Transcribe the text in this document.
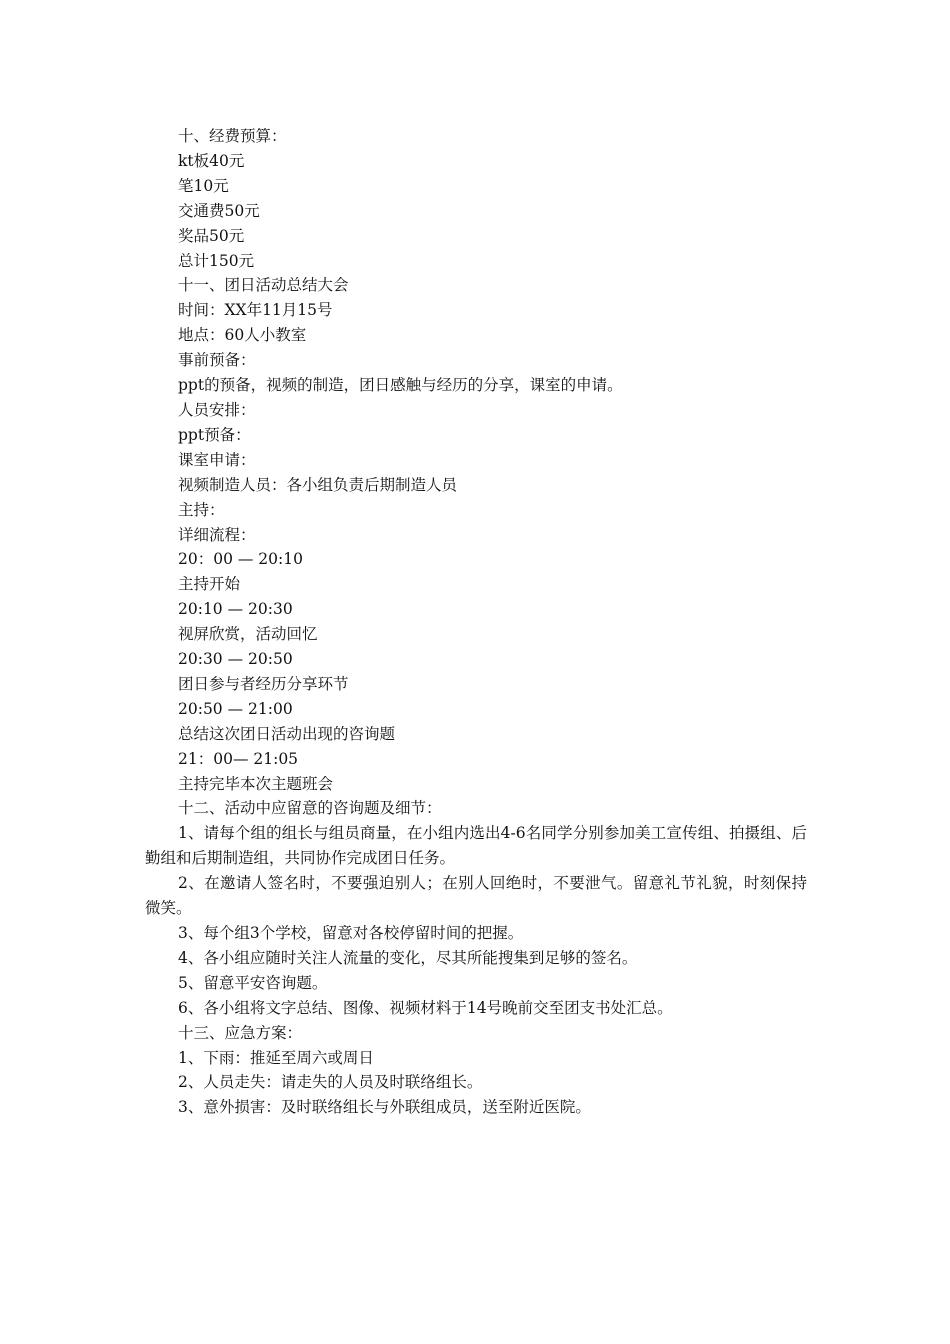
十、经费预算：
kt板40元
笔10元
交通费50元
奖品50元
总计150元
十一、团日活动总结大会
时间：XX年11月15号
地点：60人小教室
事前预备：
ppt的预备，视频的制造，团日感触与经历的分享，课室的申请。
人员安排：
ppt预备：
课室申请：
视频制造人员：各小组负责后期制造人员
主持：
详细流程：
20：00 — 20:10
主持开始
20:10 — 20:30
视屏欣赏，活动回忆
20:30 — 20:50
团日参与者经历分享环节
20:50 — 21:00
总结这次团日活动出现的咨询题
21：00— 21:05
主持完毕本次主题班会
十二、活动中应留意的咨询题及细节：
1、请每个组的组长与组员商量，在小组内选出4-6名同学分别参加美工宣传组、拍摄组、后勤组和后期制造组，共同协作完成团日任务。
2、在邀请人签名时，不要强迫别人；在别人回绝时，不要泄气。留意礼节礼貌，时刻保持微笑。
3、每个组3个学校，留意对各校停留时间的把握。
4、各小组应随时关注人流量的变化，尽其所能搜集到足够的签名。
5、留意平安咨询题。
6、各小组将文字总结、图像、视频材料于14号晚前交至团支书处汇总。
十三、应急方案：
1、下雨：推延至周六或周日
2、人员走失：请走失的人员及时联络组长。
3、意外损害：及时联络组长与外联组成员，送至附近医院。
